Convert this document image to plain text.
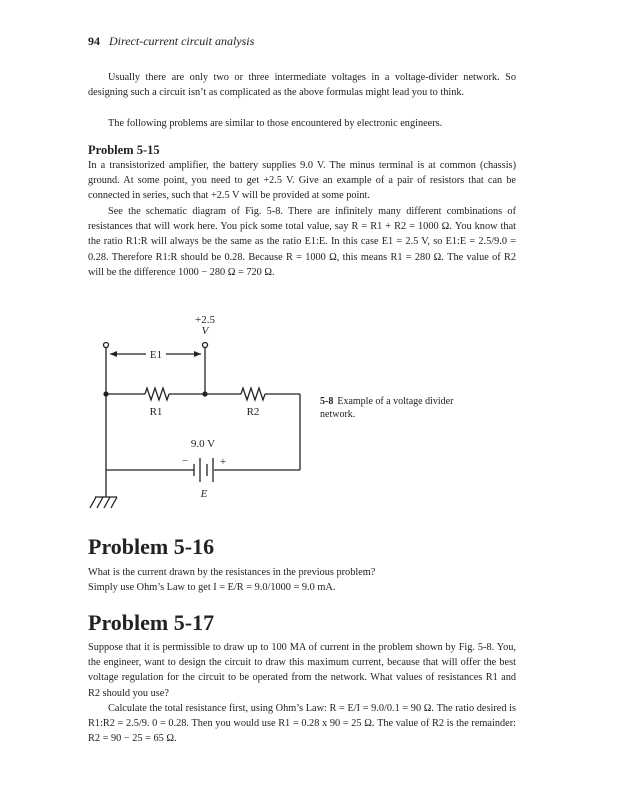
94 Direct-current circuit analysis

Usually there are only two or three intermediate voltages in a voltage-divider network. So designing such a circuit isn’t as complicated as the above formulas might lead you to think.

The following problems are similar to those encountered by electronic engineers.

Problem 5-15

In a transistorized amplifier, the battery supplies 9.0 V. The minus terminal is at common (chassis) ground. At some point, you need to get +2.5 V. Give an example of a pair of resistors that can be connected in series, such that +2.5 V will be provided at some point.

See the schematic diagram of Fig. 5-8. There are infinitely many different combinations of resistances that will work here. You pick some total value, say R = R1 + R2 = 1000 Ω. You know that the ratio R1:R will always be the same as the ratio E1:E. In this case E1 = 2.5 V, so E1:E = 2.5/9.0 = 0.28. Therefore R1:R should be 0.28. Because R = 1000 Ω, this means R1 = 280 Ω. The value of R2 will be the difference 1000 − 280 Ω = 720 Ω.

+2.5
V
E1
R1	R2
9.0 V
−	+
E
5-8 Example of a voltage divider network.
Problem 5-16

What is the current drawn by the resistances in the previous problem?

Simply use Ohm’s Law to get I = E/R = 9.0/1000 = 9.0 mA.

Problem 5-17

Suppose that it is permissible to draw up to 100 MA of current in the problem shown by Fig. 5-8. You, the engineer, want to design the circuit to draw this maximum current, because that will offer the best voltage regulation for the circuit to be operated from the network. What values of resistances R1 and R2 should you use?

Calculate the total resistance first, using Ohm’s Law: R = E/I = 9.0/0.1 = 90 Ω. The ratio desired is R1:R2 = 2.5/9. 0 = 0.28. Then you would use R1 = 0.28 x 90 = 25 Ω. The value of R2 is the remainder: R2 = 90 − 25 = 65 Ω.
